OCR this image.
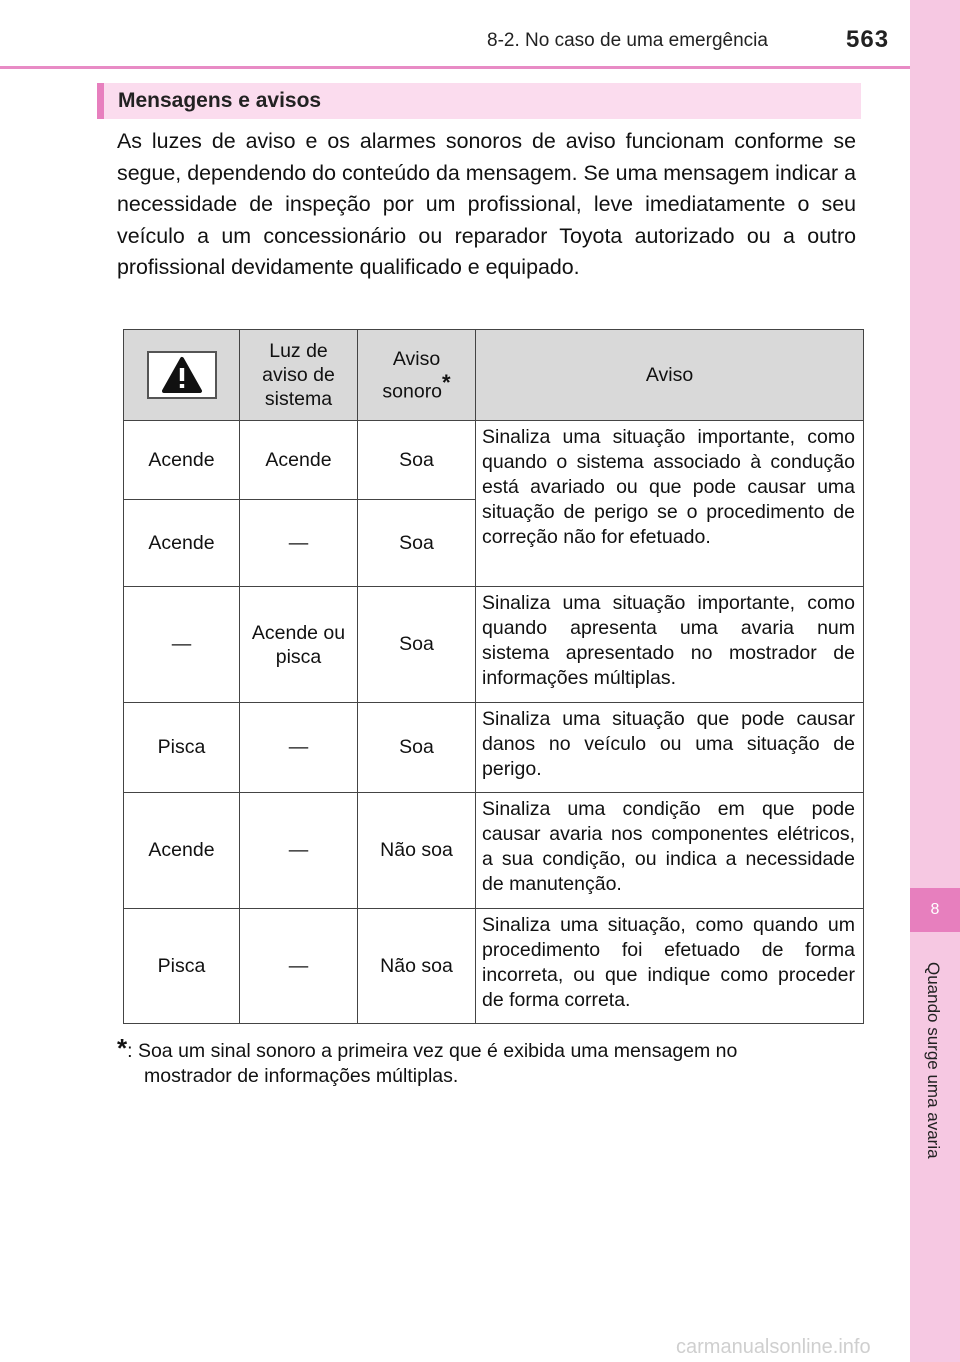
8-2. No caso de uma emergência	563
8
Quando surge uma avaria
Mensagens e avisos

As luzes de aviso e os alarmes sonoros de aviso funcionam conforme se segue, dependendo do conteúdo da mensagem. Se uma mensagem indicar a necessidade de inspeção por um profissional, leve imediatamente o seu veículo a um concessionário ou reparador Toyota autorizado ou a outro profissional devidamente qualificado e equipado.

	Luz de aviso de sistema	Aviso sonoro*	Aviso
Acende	Acende	Soa	Sinaliza uma situação importante, como quando o sistema associado à condução está avariado ou que pode causar uma situação de perigo se o procedimento de correção não for efetuado.
Acende	—	Soa	
—	Acende ou pisca	Soa	Sinaliza uma situação importante, como quando apresenta uma avaria num sistema apresentado no mostrador de informações múltiplas.
Pisca	—	Soa	Sinaliza uma situação que pode causar danos no veículo ou uma situação de perigo.
Acende	—	Não soa	Sinaliza uma condição em que pode causar avaria nos componentes elétricos, a sua condição, ou indica a necessidade de manutenção.
Pisca	—	Não soa	Sinaliza uma situação, como quando um procedimento foi efetuado de forma incorreta, ou que indique como proceder de forma correta.
*: Soa um sinal sonoro a primeira vez que é exibida uma mensagem no
mostrador de informações múltiplas.
carmanualsonline.info
